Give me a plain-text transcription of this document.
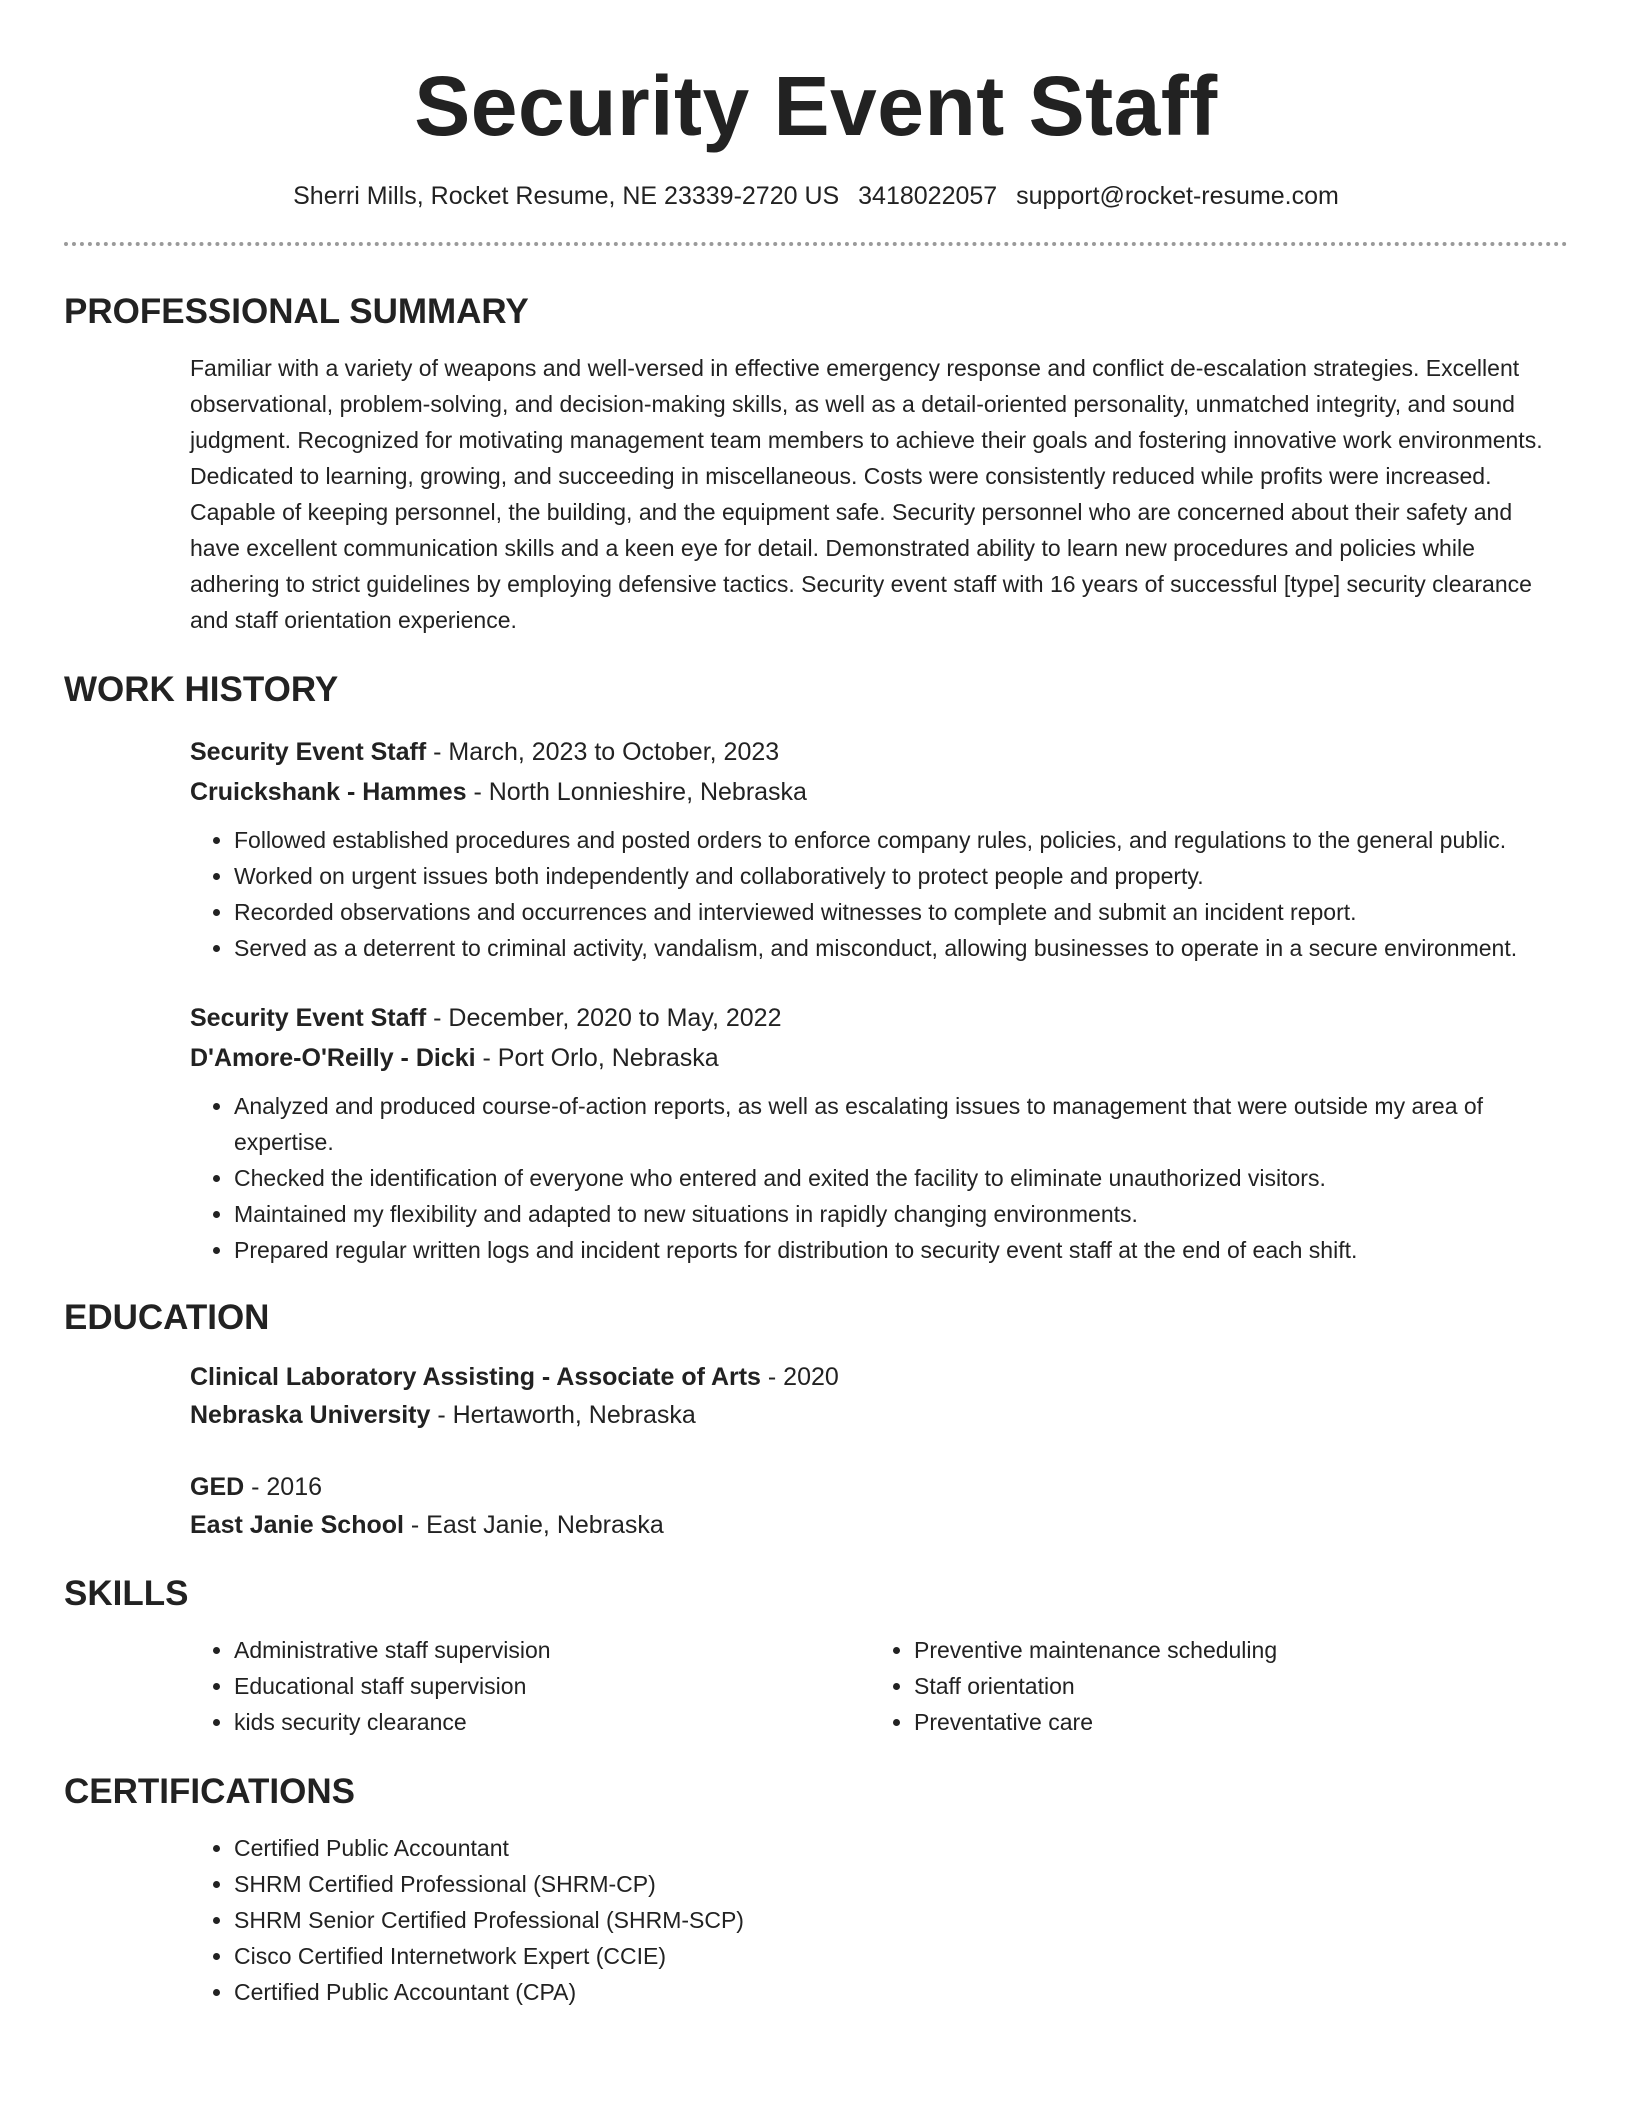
Security Event Staff
Sherri Mills, Rocket Resume, NE 23339-2720 US 3418022057 support@rocket-resume.com
PROFESSIONAL SUMMARY

Familiar with a variety of weapons and well-versed in effective emergency response and conflict de-escalation strategies. Excellent observational, problem-solving, and decision-making skills, as well as a detail-oriented personality, unmatched integrity, and sound judgment. Recognized for motivating management team members to achieve their goals and fostering innovative work environments. Dedicated to learning, growing, and succeeding in miscellaneous. Costs were consistently reduced while profits were increased. Capable of keeping personnel, the building, and the equipment safe. Security personnel who are concerned about their safety and have excellent communication skills and a keen eye for detail. Demonstrated ability to learn new procedures and policies while adhering to strict guidelines by employing defensive tactics. Security event staff with 16 years of successful [type] security clearance and staff orientation experience.

WORK HISTORY
Security Event Staff - March, 2023 to October, 2023
Cruickshank - Hammes - North Lonnieshire, Nebraska
• Followed established procedures and posted orders to enforce company rules, policies, and regulations to the general public.
• Worked on urgent issues both independently and collaboratively to protect people and property.
• Recorded observations and occurrences and interviewed witnesses to complete and submit an incident report.
• Served as a deterrent to criminal activity, vandalism, and misconduct, allowing businesses to operate in a secure environment.
Security Event Staff - December, 2020 to May, 2022
D'Amore-O'Reilly - Dicki - Port Orlo, Nebraska
• Analyzed and produced course-of-action reports, as well as escalating issues to management that were outside my area of expertise.
• Checked the identification of everyone who entered and exited the facility to eliminate unauthorized visitors.
• Maintained my flexibility and adapted to new situations in rapidly changing environments.
• Prepared regular written logs and incident reports for distribution to security event staff at the end of each shift.
EDUCATION
Clinical Laboratory Assisting - Associate of Arts - 2020
Nebraska University - Hertaworth, Nebraska
GED - 2016
East Janie School - East Janie, Nebraska
SKILLS
• Administrative staff supervision
• Educational staff supervision
• kids security clearance
• Preventive maintenance scheduling
• Staff orientation
• Preventative care
CERTIFICATIONS
• Certified Public Accountant
• SHRM Certified Professional (SHRM-CP)
• SHRM Senior Certified Professional (SHRM-SCP)
• Cisco Certified Internetwork Expert (CCIE)
• Certified Public Accountant (CPA)
